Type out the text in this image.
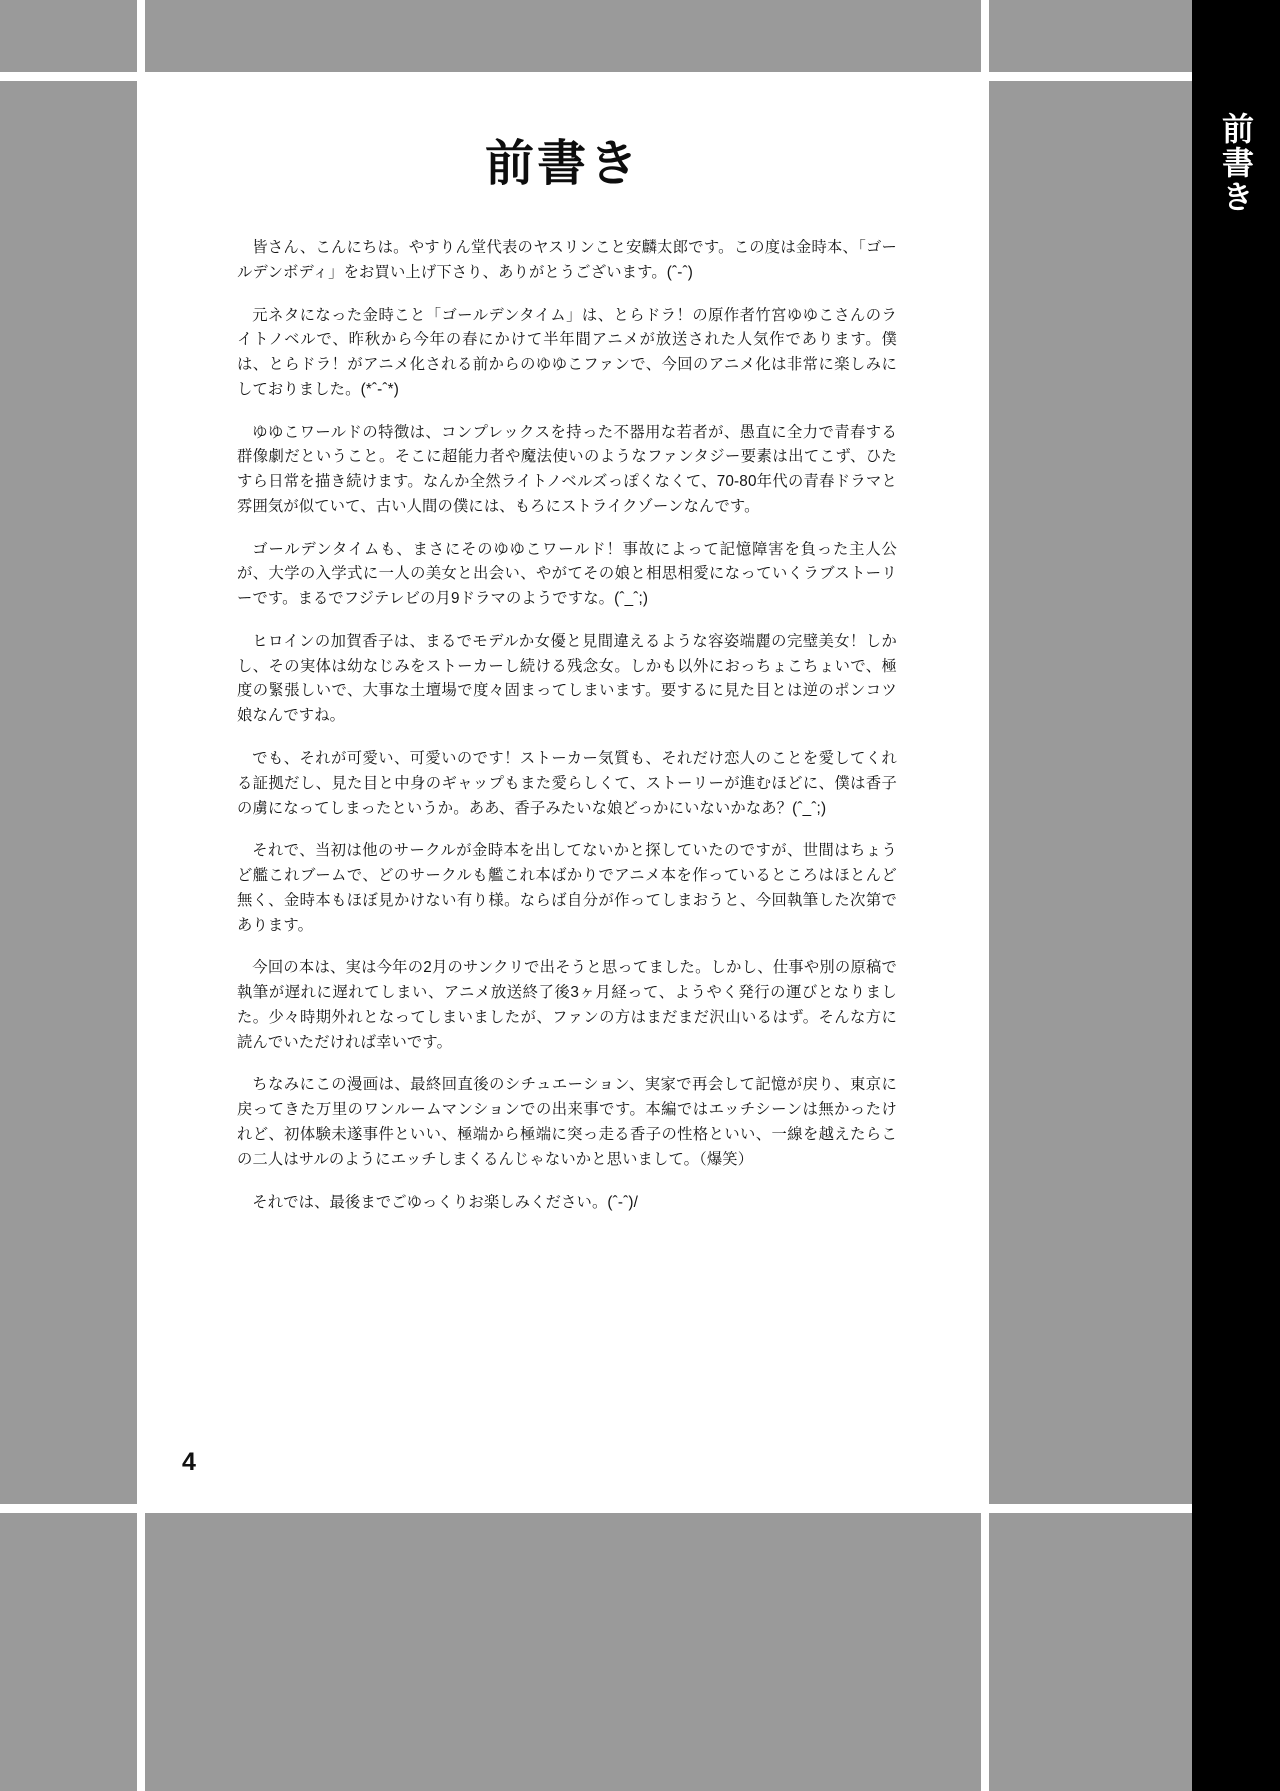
前書き

皆さん、こんにちは。やすりん堂代表のヤスリンこと安麟太郎です。この度は金時本、「ゴールデンボディ」をお買い上げ下さり、ありがとうございます。(ˆ-ˆ)

元ネタになった金時こと「ゴールデンタイム」は、とらドラ！の原作者竹宮ゆゆこさんのライトノベルで、昨秋から今年の春にかけて半年間アニメが放送された人気作であります。僕は、とらドラ！がアニメ化される前からのゆゆこファンで、今回のアニメ化は非常に楽しみにしておりました。(*ˆ-ˆ*)

ゆゆこワールドの特徴は、コンプレックスを持った不器用な若者が、愚直に全力で青春する群像劇だということ。そこに超能力者や魔法使いのようなファンタジー要素は出てこず、ひたすら日常を描き続けます。なんか全然ライトノベルズっぽくなくて、70-80年代の青春ドラマと雰囲気が似ていて、古い人間の僕には、もろにストライクゾーンなんです。

ゴールデンタイムも、まさにそのゆゆこワールド！事故によって記憶障害を負った主人公が、大学の入学式に一人の美女と出会い、やがてその娘と相思相愛になっていくラブストーリーです。まるでフジテレビの月9ドラマのようですな。(ˆ_ˆ;)

ヒロインの加賀香子は、まるでモデルか女優と見間違えるような容姿端麗の完璧美女！しかし、その実体は幼なじみをストーカーし続ける残念女。しかも以外におっちょこちょいで、極度の緊張しいで、大事な土壇場で度々固まってしまいます。要するに見た目とは逆のポンコツ娘なんですね。

でも、それが可愛い、可愛いのです！ストーカー気質も、それだけ恋人のことを愛してくれる証拠だし、見た目と中身のギャップもまた愛らしくて、ストーリーが進むほどに、僕は香子の虜になってしまったというか。ああ、香子みたいな娘どっかにいないかなあ？(ˆ_ˆ;)

それで、当初は他のサークルが金時本を出してないかと探していたのですが、世間はちょうど艦これブームで、どのサークルも艦これ本ばかりでアニメ本を作っているところはほとんど無く、金時本もほぼ見かけない有り様。ならば自分が作ってしまおうと、今回執筆した次第であります。

今回の本は、実は今年の2月のサンクリで出そうと思ってました。しかし、仕事や別の原稿で執筆が遅れに遅れてしまい、アニメ放送終了後3ヶ月経って、ようやく発行の運びとなりました。少々時期外れとなってしまいましたが、ファンの方はまだまだ沢山いるはず。そんな方に読んでいただければ幸いです。

ちなみにこの漫画は、最終回直後のシチュエーション、実家で再会して記憶が戻り、東京に戻ってきた万里のワンルームマンションでの出来事です。本編ではエッチシーンは無かったけれど、初体験未遂事件といい、極端から極端に突っ走る香子の性格といい、一線を越えたらこの二人はサルのようにエッチしまくるんじゃないかと思いまして。（爆笑）

それでは、最後までごゆっくりお楽しみください。(ˆ-ˆ)/

4
前書き
